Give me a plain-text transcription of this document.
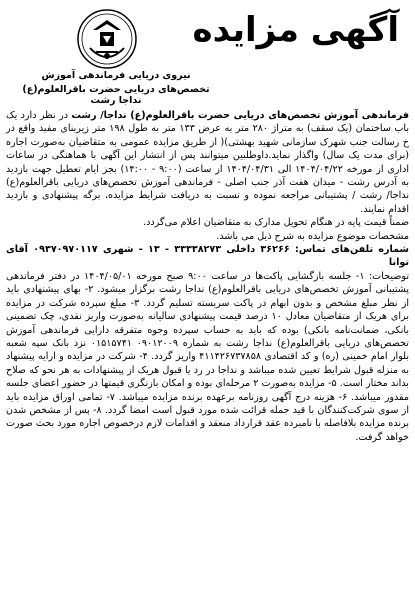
آگهی مزایده
نیروی دریایی فرماندهی آموزش
تخصص‌های دریایی حضرت باقرالعلوم(ع) نداجا رشت

فرماندهی آموزش تخصص‌های دریایی حضرت باقرالعلوم(ع) نداجا/ رشت در نظر دارد یک باب ساختمان (یک سقف) به متراژ ۲۸۰ متر به عرض ۱۳۳ متر به طول ۱۹۸ متر زیربنای مفید واقع در خ رسالت جنب شهرک سازمانی شهید بهشتی)( از طریق مزایده عمومی به متقاضیان به‌صورت اجاره (برای مدت یک سال) واگذار نماید.داوطلبین میتوانند پس از انتشار این آگهی با هماهنگی در ساعات اداری از مورخه ۱۴۰۴/۰۴/۲۲ الی ۱۴۰۴/۰۴/۳۱ از ساعت (۹:۰۰ - ۱۴:۰۰) بجز ایام تعطیل جهت بازدید به آدرس رشت - میدان هفت آذر جنب اصلی - فرماندهی آموزش تخصص‌های دریایی باقرالعلوم(ع) نداجا/ رشت / پشتیبانی مراجعه نموده و نسبت به دریافت شرایط مزایده، برگه پیشنهادی و بازدید اقدام نمایند.

ضمناً قیمت پایه در هنگام تحویل مدارک به متقاضیان اعلام می‌گردد.

مشخصات موضوع مزایده به شرح ذیل می باشد.

شماره تلفن‌های تماس: ۳۶۲۶۶ داخلی ۳۳۳۳۸۲۷۳ - ۱۳ - شهری ۰۹۳۷۰۹۷۰۱۱۷ آقای توانا

توضیحات: ۱- جلسه بازگشایی پاکت‌ها در ساعت ۹:۰۰ صبح مورخه ۱۴۰۴/۰۵/۰۱ در دفتر فرماندهی پشتیبانی آموزش تخصص‌های دریایی باقرالعلوم(ع) نداجا رشت برگزار میشود. ۲- بهای پیشنهادی باید از نظر مبلغ مشخص و بدون ابهام در پاکت سربسته تسلیم گردد. ۳- مبلغ سپرده شرکت در مزایده برای هریک از متقاضیان معادل ۱۰ درصد قیمت پیشنهادی سالیانه به‌صورت واریز نقدی، چک تضمینی بانکی، ضمانت‌نامه بانکی) بوده که باید به حساب سپرده وجوه متفرقه دارایی فرماندهی آموزش تخصص‌های دریایی باقرالعلوم(ع) نداجا رشت به شماره ۰۹۰۱۲۰۰۹ ۰۱۵۱۵۷۴۱ نزد بانک سپه شعبه بلوار امام خمینی (ره) و کد اقتصادی ۴۱۱۴۲۶۷۳۷۸۵۸ واریز گردد. ۴- شرکت در مزایده و ارایه پیشنهاد به منزله قبول شرایط تعیین شده میباشد و نداجا در رد یا قبول هریک از پیشنهادات به هر نحو که صلاح بداند مختار است. ۵- مزایده به‌صورت ۲ مرحله‌ای بوده و امکان بازنگری قیمتها در حضور اعضای جلسه مقدور میباشد. ۶- هزینه درج آگهی روزنامه برعهده برنده مزایده میباشد. ۷- تمامی اوراق مزایده باید از سوی شرکت‌کنندگان با قید جمله قرائت شده مورد قبول است امضا گردد. ۸- پس از مشخص شدن برنده مزایده بلافاصله با نامبرده عقد قرارداد منعقد و اقدامات لازم درخصوص اجاره مورد بحث صورت خواهد گرفت.
